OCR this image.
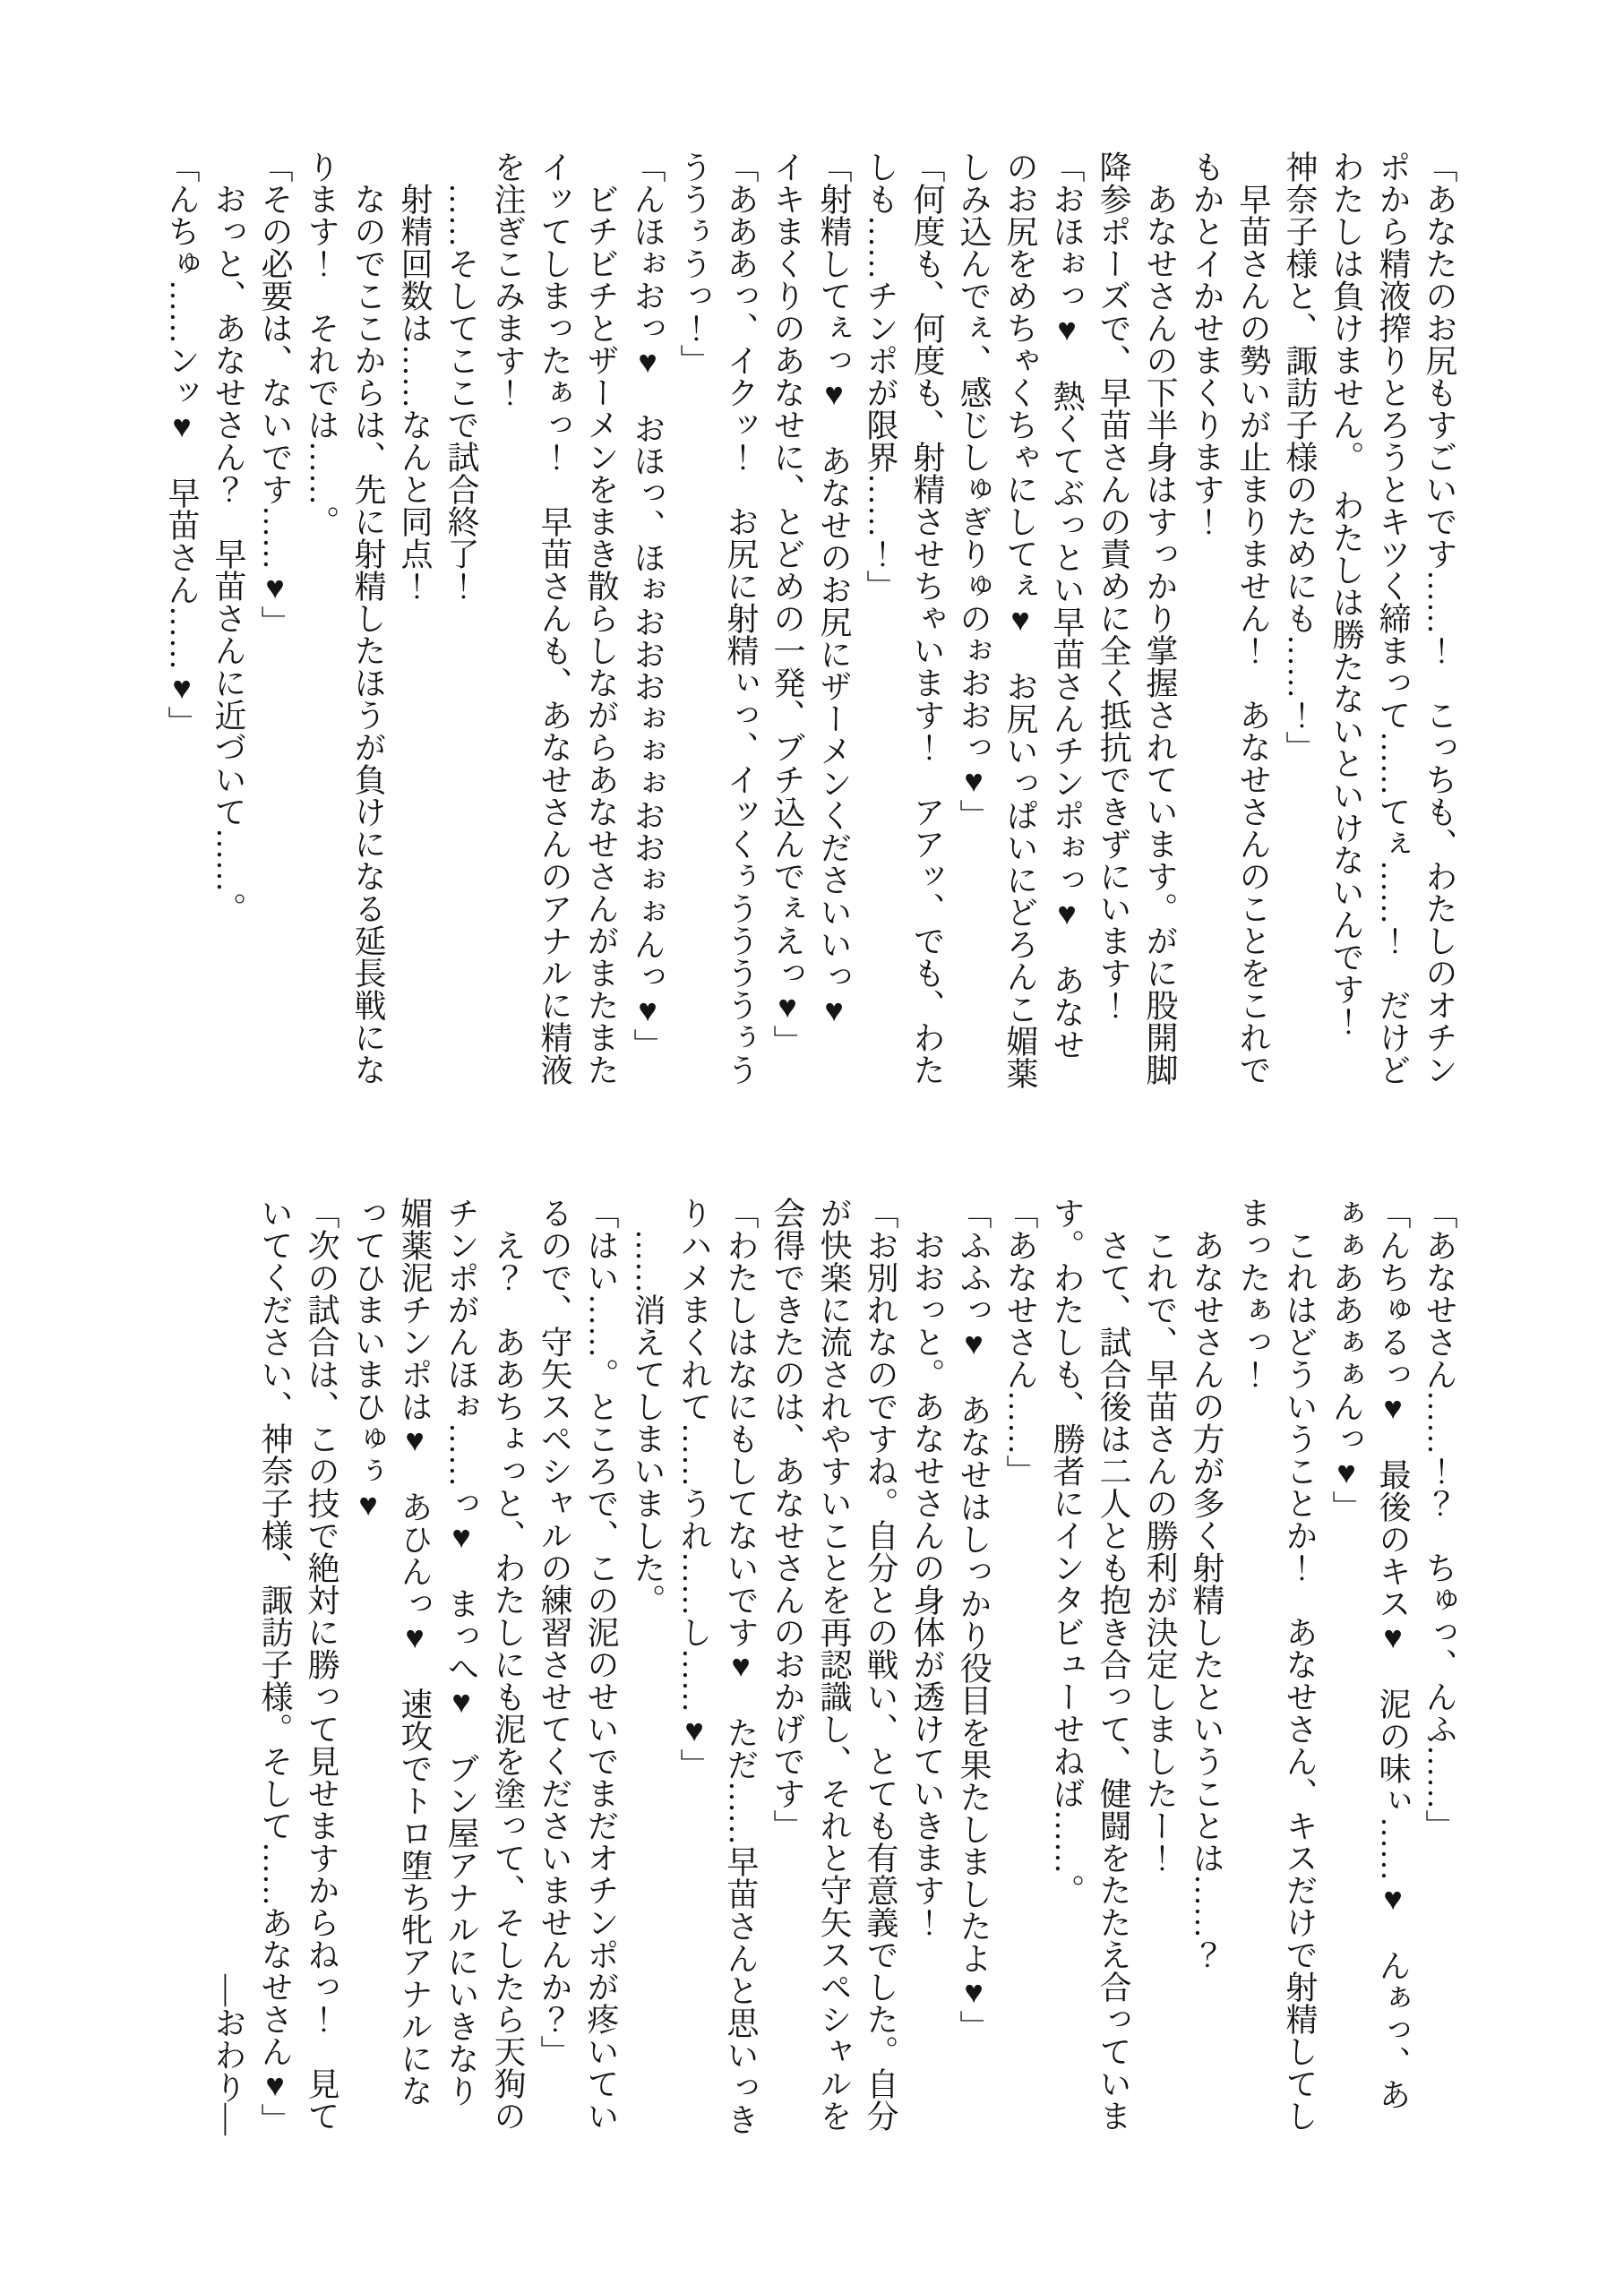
「あなたのお尻もすごいです……！　こっちも、わたしのオチンポから精液搾りとろうとキツく締まって……てぇ……！　だけどわたしは負けません。　わたしは勝たないといけないんです！　神奈子様と、諏訪子様のためにも……！」

早苗さんの勢いが止まりません！　あなせさんのことをこれでもかとイかせまくります！

あなせさんの下半身はすっかり掌握されています。がに股開脚降参ポーズで、早苗さんの責めに全く抵抗できずにいます！

「おほぉっ♥　熱くてぶっとい早苗さんチンポぉっ♥　あなせのお尻をめちゃくちゃにしてぇ♥　お尻いっぱいにどろんこ媚薬しみ込んでぇ、感じしゅぎりゅのぉおおっ♥」

「何度も、何度も、射精させちゃいます！　アアッ、でも、わたしも……チンポが限界……！」

「射精してぇっ♥　あなせのお尻にザーメンくださいいっ♥　イキまくりのあなせに、とどめの一発、ブチ込んでぇえっ♥」

「あああっ、イクッ！　お尻に射精ぃっ、イッくぅううううぅうううぅうっ！」

「んほぉおっ♥　おほっ、ほぉおおおぉぉぉおおぉぉんっ♥」

ビチビチとザーメンをまき散らしながらあなせさんがまたまたイッてしまったぁっ！　早苗さんも、あなせさんのアナルに精液を注ぎこみます！

……そしてここで試合終了！

射精回数は……なんと同点！

なのでここからは、先に射精したほうが負けになる延長戦になります！　それでは……。

「その必要は、ないです……♥」

おっと、あなせさん？　早苗さんに近づいて……。

「んちゅ……ンッ♥　早苗さん……♥」

「あなせさん……！？　ちゅっ、んふ……」

「んちゅるっ♥　最後のキス♥　泥の味ぃ……♥　んぁっ、あぁぁああぁぁんっ♥」

これはどういうことか！　あなせさん、キスだけで射精してしまったぁっ！

あなせさんの方が多く射精したということは……？

これで、早苗さんの勝利が決定しましたー！

さて、試合後は二人とも抱き合って、健闘をたたえ合っています。わたしも、勝者にインタビューせねば……。

「あなせさん……」

「ふふっ♥　あなせはしっかり役目を果たしましたよ♥」

おおっと。あなせさんの身体が透けていきます！

「お別れなのですね。自分との戦い、とても有意義でした。自分が快楽に流されやすいことを再認識し、それと守矢スペシャルを会得できたのは、あなせさんのおかげです」

「わたしはなにもしてないです♥　ただ……早苗さんと思いっきりハメまくれて……うれ……し……♥」

……消えてしまいました。

「はい……。ところで、この泥のせいでまだオチンポが疼いているので、守矢スペシャルの練習させてくださいませんか？」

え？　ああちょっと、わたしにも泥を塗って、そしたら天狗のチンポがんほぉ……っ♥　まっへ♥　ブン屋アナルにいきなり媚薬泥チンポは♥　あひんっ♥　速攻でトロ堕ち牝アナルになってひまいまひゅぅ♥

「次の試合は、この技で絶対に勝って見せますからねっ！　見ていてください、神奈子様、諏訪子様。そして……あなせさん♥」

―おわり―
